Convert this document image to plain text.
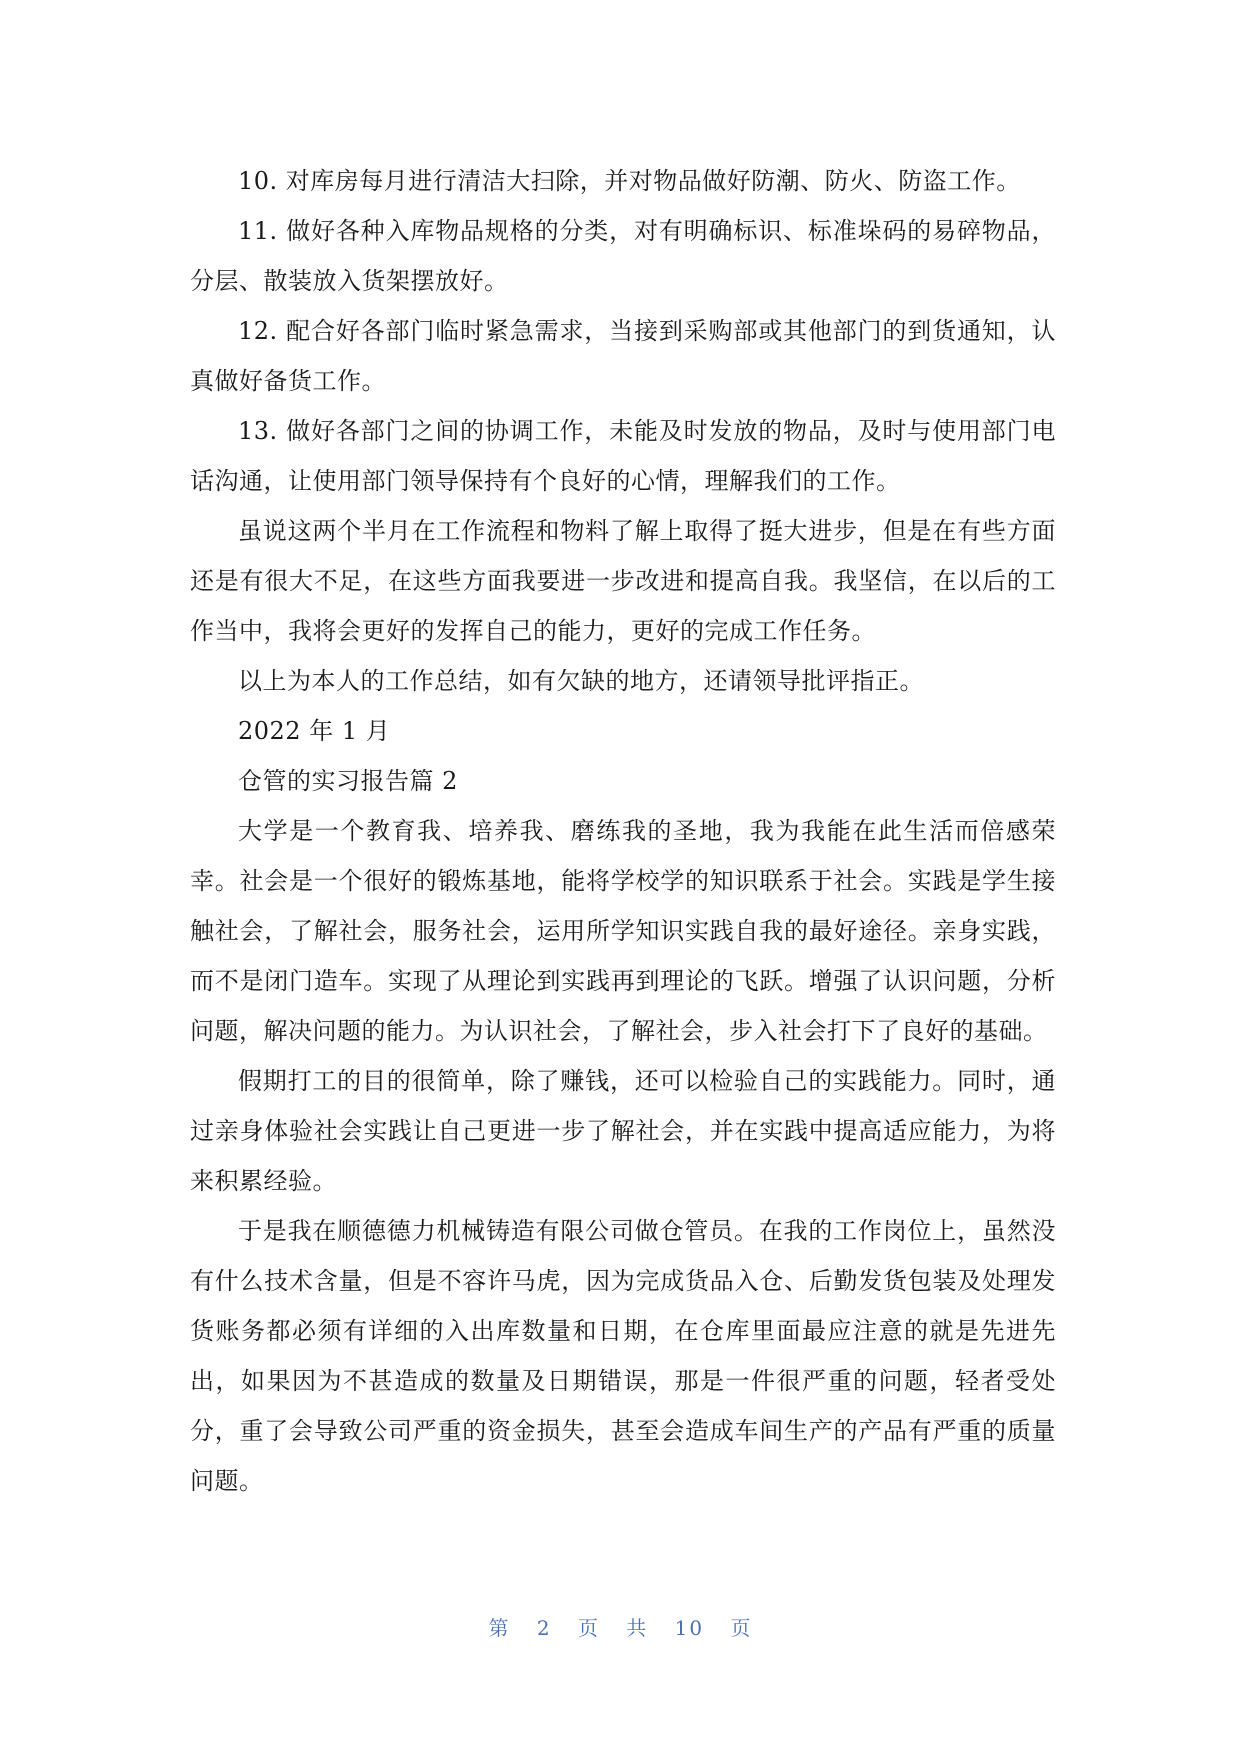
10. 对库房每月进行清洁大扫除，并对物品做好防潮、防火、防盗工作。

11. 做好各种入库物品规格的分类，对有明确标识、标准垛码的易碎物品，分层、散装放入货架摆放好。

12. 配合好各部门临时紧急需求，当接到采购部或其他部门的到货通知，认真做好备货工作。

13. 做好各部门之间的协调工作，未能及时发放的物品，及时与使用部门电话沟通，让使用部门领导保持有个良好的心情，理解我们的工作。

虽说这两个半月在工作流程和物料了解上取得了挺大进步，但是在有些方面还是有很大不足，在这些方面我要进一步改进和提高自我。我坚信，在以后的工作当中，我将会更好的发挥自己的能力，更好的完成工作任务。

以上为本人的工作总结，如有欠缺的地方，还请领导批评指正。

2022 年 1 月

仓管的实习报告篇 2

大学是一个教育我、培养我、磨练我的圣地，我为我能在此生活而倍感荣幸。社会是一个很好的锻炼基地，能将学校学的知识联系于社会。实践是学生接触社会，了解社会，服务社会，运用所学知识实践自我的最好途径。亲身实践，而不是闭门造车。实现了从理论到实践再到理论的飞跃。增强了认识问题，分析问题，解决问题的能力。为认识社会，了解社会，步入社会打下了良好的基础。

假期打工的目的很简单，除了赚钱，还可以检验自己的实践能力。同时，通过亲身体验社会实践让自己更进一步了解社会，并在实践中提高适应能力，为将来积累经验。

于是我在顺德德力机械铸造有限公司做仓管员。在我的工作岗位上，虽然没有什么技术含量，但是不容许马虎，因为完成货品入仓、后勤发货包装及处理发货账务都必须有详细的入出库数量和日期，在仓库里面最应注意的就是先进先出，如果因为不甚造成的数量及日期错误，那是一件很严重的问题，轻者受处分，重了会导致公司严重的资金损失，甚至会造成车间生产的产品有严重的质量问题。

第 2 页 共 10 页
